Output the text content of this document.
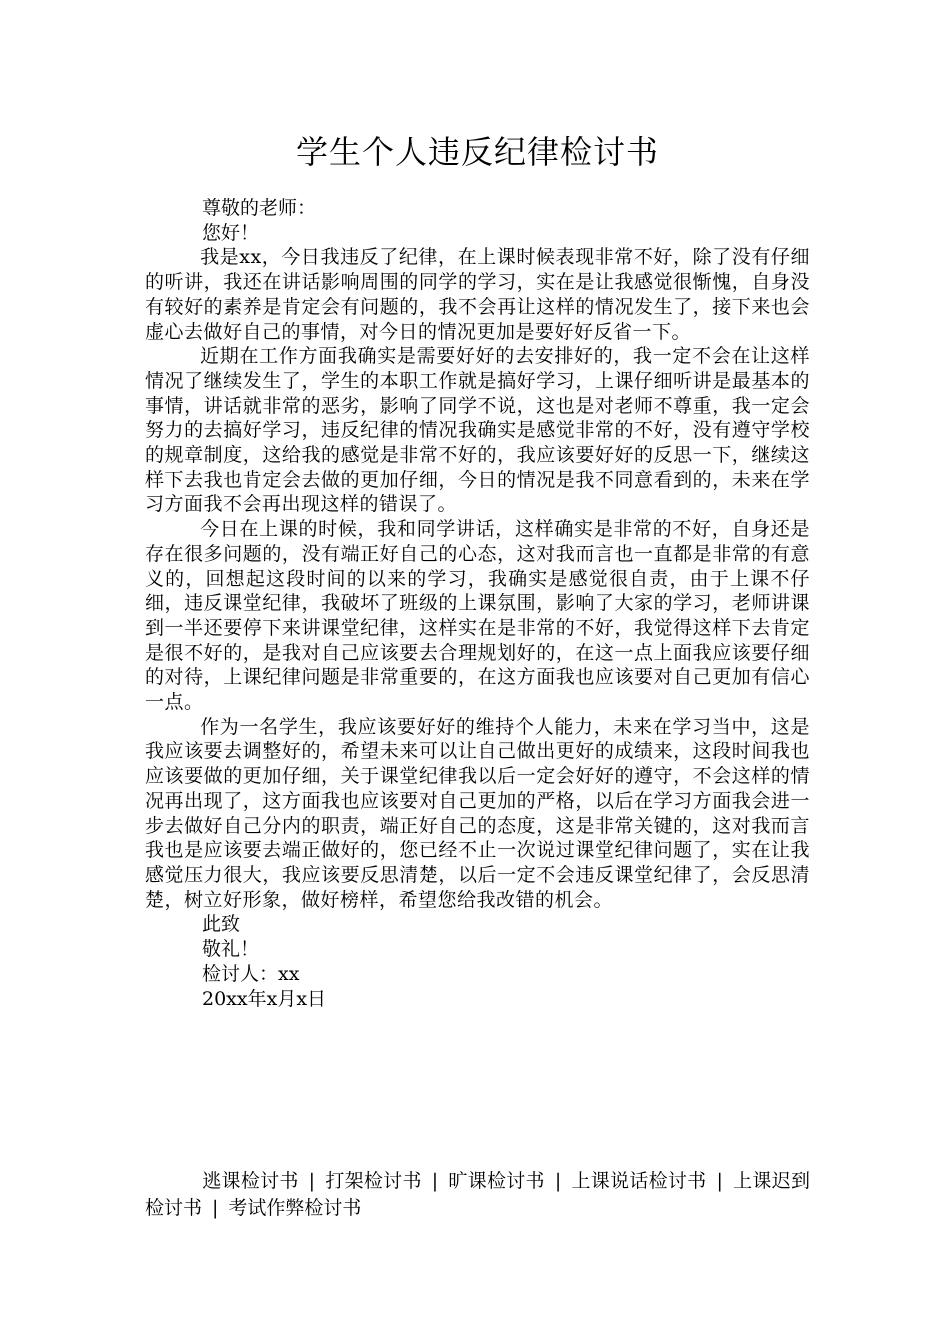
学生个人违反纪律检讨书

尊敬的老师：

您好！

我是xx，今日我违反了纪律，在上课时候表现非常不好，除了没有仔细的听讲，我还在讲话影响周围的同学的学习，实在是让我感觉很惭愧，自身没有较好的素养是肯定会有问题的，我不会再让这样的情况发生了，接下来也会虚心去做好自己的事情，对今日的情况更加是要好好反省一下。

近期在工作方面我确实是需要好好的去安排好的，我一定不会在让这样情况了继续发生了，学生的本职工作就是搞好学习，上课仔细听讲是最基本的事情，讲话就非常的恶劣，影响了同学不说，这也是对老师不尊重，我一定会努力的去搞好学习，违反纪律的情况我确实是感觉非常的不好，没有遵守学校的规章制度，这给我的感觉是非常不好的，我应该要好好的反思一下，继续这样下去我也肯定会去做的更加仔细，今日的情况是我不同意看到的，未来在学习方面我不会再出现这样的错误了。

今日在上课的时候，我和同学讲话，这样确实是非常的不好，自身还是存在很多问题的，没有端正好自己的心态，这对我而言也一直都是非常的有意义的，回想起这段时间的以来的学习，我确实是感觉很自责，由于上课不仔细，违反课堂纪律，我破坏了班级的上课氛围，影响了大家的学习，老师讲课到一半还要停下来讲课堂纪律，这样实在是非常的不好，我觉得这样下去肯定是很不好的，是我对自己应该要去合理规划好的，在这一点上面我应该要仔细的对待，上课纪律问题是非常重要的，在这方面我也应该要对自己更加有信心一点。

作为一名学生，我应该要好好的维持个人能力，未来在学习当中，这是我应该要去调整好的，希望未来可以让自己做出更好的成绩来，这段时间我也应该要做的更加仔细，关于课堂纪律我以后一定会好好的遵守，不会这样的情况再出现了，这方面我也应该要对自己更加的严格，以后在学习方面我会进一步去做好自己分内的职责，端正好自己的态度，这是非常关键的，这对我而言我也是应该要去端正做好的，您已经不止一次说过课堂纪律问题了，实在让我感觉压力很大，我应该要反思清楚，以后一定不会违反课堂纪律了，会反思清楚，树立好形象，做好榜样，希望您给我改错的机会。

此致

敬礼！

检讨人：xx

20xx年x月x日

逃课检讨书 | 打架检讨书 | 旷课检讨书 | 上课说话检讨书 | 上课迟到检讨书 | 考试作弊检讨书
